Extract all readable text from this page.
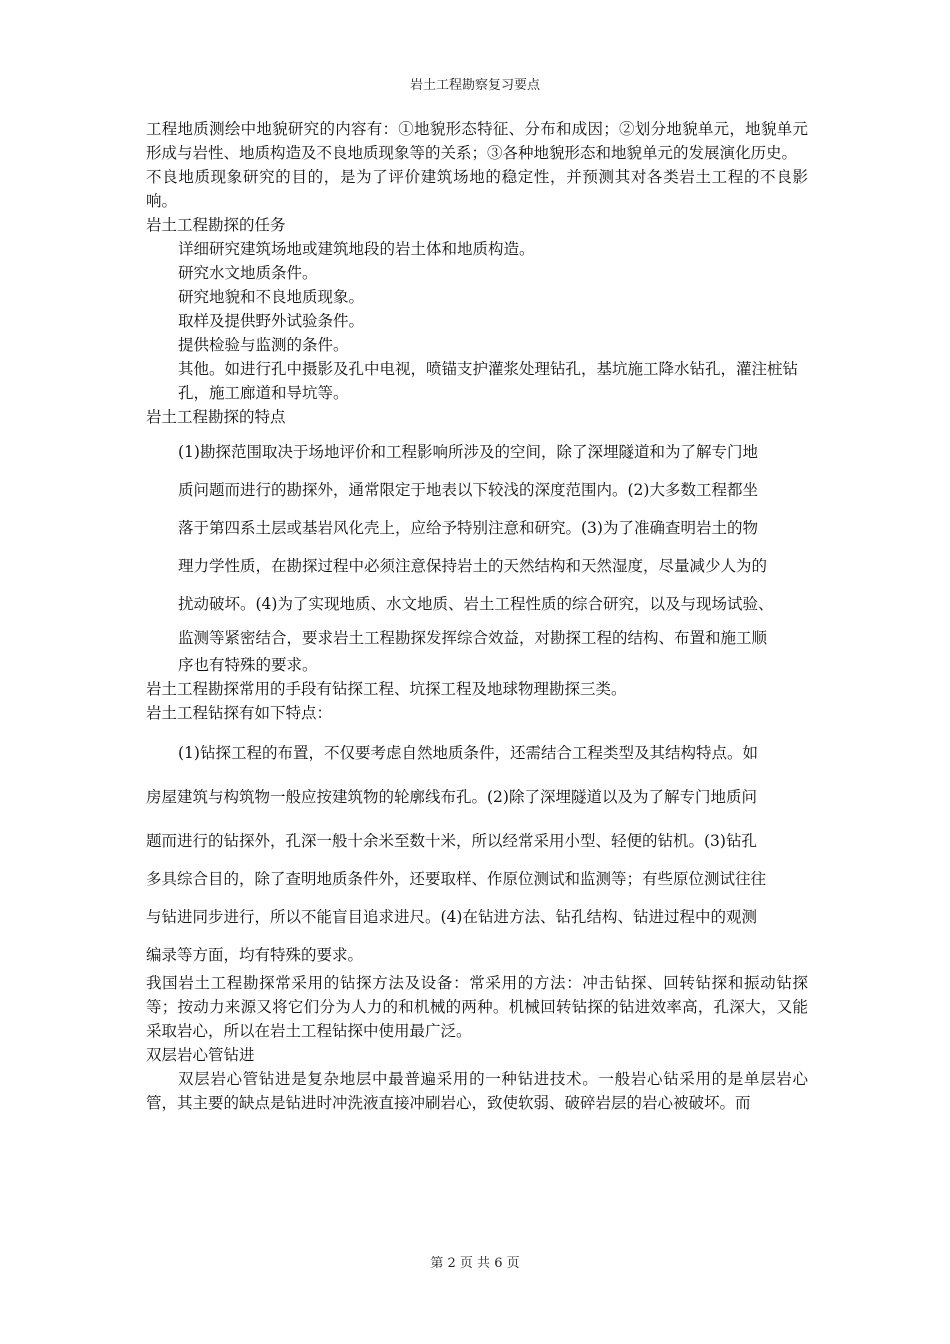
岩土工程勘察复习要点

工程地质测绘中地貌研究的内容有：①地貌形态特征、分布和成因；②划分地貌单元，地貌单元形成与岩性、地质构造及不良地质现象等的关系；③各种地貌形态和地貌单元的发展演化历史。

不良地质现象研究的目的，是为了评价建筑场地的稳定性，并预测其对各类岩土工程的不良影响。

岩土工程勘探的任务

详细研究建筑场地或建筑地段的岩土体和地质构造。

研究水文地质条件。

研究地貌和不良地质现象。

取样及提供野外试验条件。

提供检验与监测的条件。

其他。如进行孔中摄影及孔中电视，喷锚支护灌浆处理钻孔，基坑施工降水钻孔，灌注桩钻孔，施工廊道和导坑等。

岩土工程勘探的特点

(1)勘探范围取决于场地评价和工程影响所涉及的空间，除了深埋隧道和为了解专门地

质问题而进行的勘探外，通常限定于地表以下较浅的深度范围内。(2)大多数工程都坐

落于第四系土层或基岩风化壳上，应给予特别注意和研究。(3)为了准确查明岩土的物

理力学性质，在勘探过程中必须注意保持岩土的天然结构和天然湿度，尽量减少人为的

扰动破坏。(4)为了实现地质、水文地质、岩土工程性质的综合研究，以及与现场试验、

监测等紧密结合，要求岩土工程勘探发挥综合效益，对勘探工程的结构、布置和施工顺

序也有特殊的要求。

岩土工程勘探常用的手段有钻探工程、坑探工程及地球物理勘探三类。

岩土工程钻探有如下特点：

(1)钻探工程的布置，不仅要考虑自然地质条件，还需结合工程类型及其结构特点。如

房屋建筑与构筑物一般应按建筑物的轮廓线布孔。(2)除了深埋隧道以及为了解专门地质问

题而进行的钻探外，孔深一般十余米至数十米，所以经常采用小型、轻便的钻机。(3)钻孔

多具综合目的，除了查明地质条件外，还要取样、作原位测试和监测等；有些原位测试往往

与钻进同步进行，所以不能盲目追求进尺。(4)在钻进方法、钻孔结构、钻进过程中的观测

编录等方面，均有特殊的要求。

我国岩土工程勘探常采用的钻探方法及设备：常采用的方法：冲击钻探、回转钻探和振动钻探等；按动力来源又将它们分为人力的和机械的两种。机械回转钻探的钻进效率高，孔深大，又能采取岩心，所以在岩土工程钻探中使用最广泛。

双层岩心管钻进

双层岩心管钻进是复杂地层中最普遍采用的一种钻进技术。一般岩心钻采用的是单层岩心管，其主要的缺点是钻进时冲洗液直接冲刷岩心，致使软弱、破碎岩层的岩心被破坏。而

第 2 页 共 6 页
